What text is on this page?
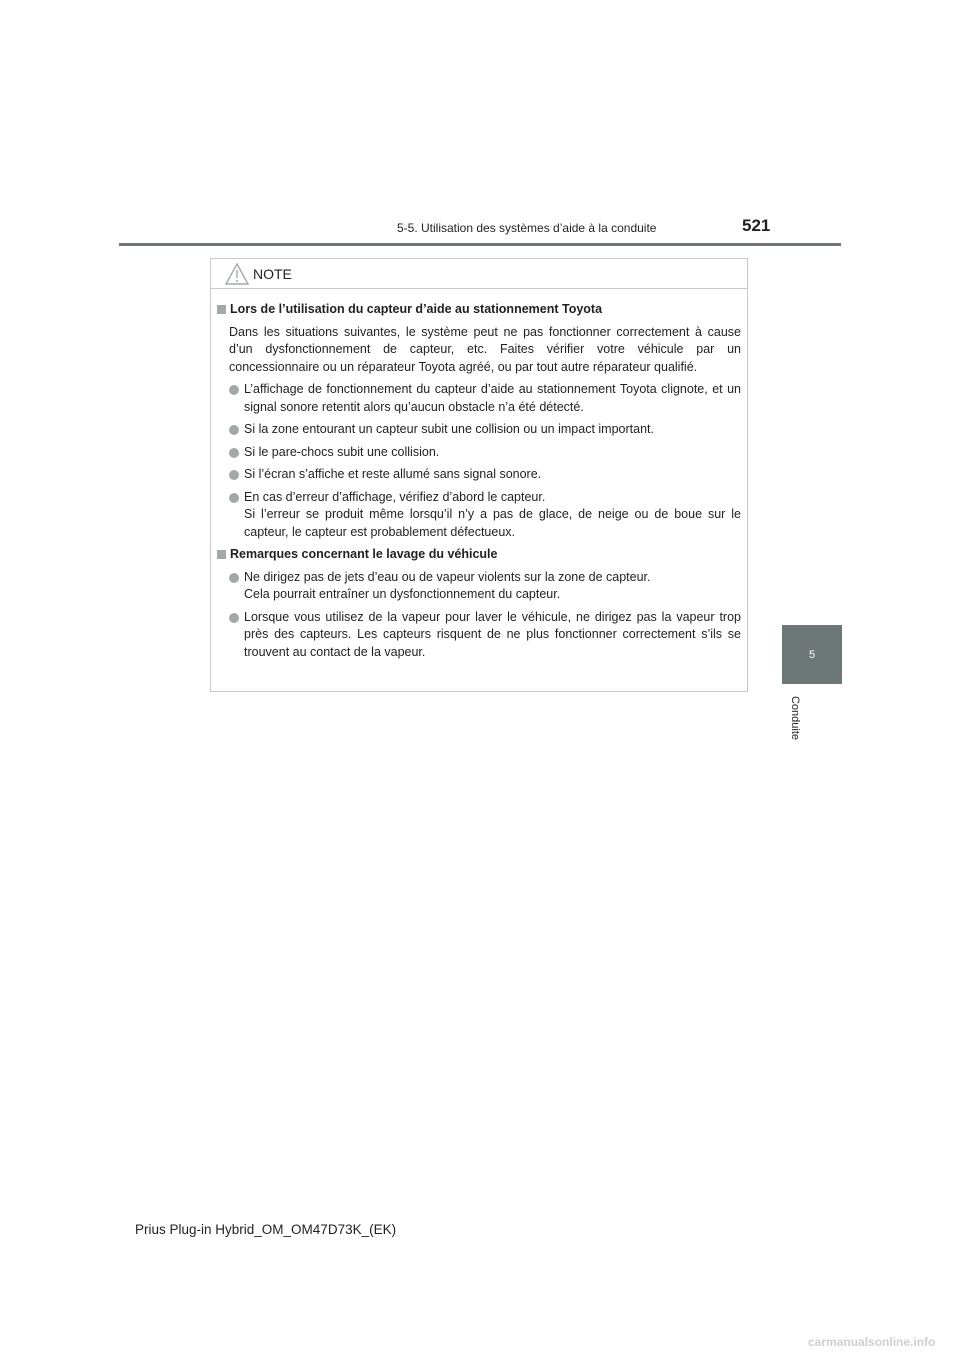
5-5. Utilisation des systèmes d’aide à la conduite	521
5
Conduite
NOTE
Lors de l’utilisation du capteur d’aide au stationnement Toyota
Dans les situations suivantes, le système peut ne pas fonctionner correctement à cause d’un dysfonctionnement de capteur, etc. Faites vérifier votre véhicule par un concessionnaire ou un réparateur Toyota agréé, ou par tout autre réparateur qualifié.
L’affichage de fonctionnement du capteur d’aide au stationnement Toyota clignote, et un signal sonore retentit alors qu’aucun obstacle n’a été détecté.
Si la zone entourant un capteur subit une collision ou un impact important.
Si le pare-chocs subit une collision.
Si l’écran s’affiche et reste allumé sans signal sonore.
En cas d’erreur d’affichage, vérifiez d’abord le capteur.
Si l’erreur se produit même lorsqu’il n’y a pas de glace, de neige ou de boue sur le capteur, le capteur est probablement défectueux.
Remarques concernant le lavage du véhicule
Ne dirigez pas de jets d’eau ou de vapeur violents sur la zone de capteur.
Cela pourrait entraîner un dysfonctionnement du capteur.
Lorsque vous utilisez de la vapeur pour laver le véhicule, ne dirigez pas la vapeur trop près des capteurs. Les capteurs risquent de ne plus fonctionner correctement s’ils se trouvent au contact de la vapeur.
Prius Plug-in Hybrid_OM_OM47D73K_(EK)
carmanualsonline.info
